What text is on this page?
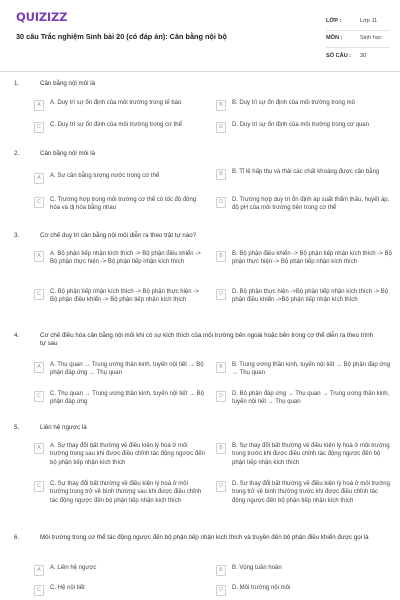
QUIZIZZ
30 câu Trắc nghiệm Sinh bài 20 (có đáp án): Cân bằng nội bộ
LỚP :	Lớp 11
MÔN :	Sinh học
SỐ CÂU :	30
1.	Cân bằng nội môi là
A	A. Duy trì sự ổn định của môi trường trong tế bào	B	B. Duy trì sự ổn định của môi trường trong mô
C	C. Duy trì sự ổn định của môi trường trong cơ thể	D	D. Duy trì sự ổn định của môi trường trong cơ quan
2.	Cân bằng nội môi là
A	A. Sự cân bằng lượng nước trong cơ thể	B	B. Tỉ lệ hấp thụ và thải các chất khoáng được cân bằng
C	C. Trường hợp trong môi trường cơ thể có tốc độ đông hóa và dị hóa bằng nhau
D	D. Trường hợp duy trì ổn định áp suất thẩm thấu, huyết áp, độ pH của môi trường bên trong cơ thể
3.	Cơ chế duy trì cân bằng nội môi diễn ra theo trật tự nào?
A	A. Bộ phận tiếp nhận kích thích -> Bộ phận điều khiển -> Bộ phận thực hiện -> Bộ phận tiếp nhận kích thích
B	B. Bộ phận điều khiển -> Bộ phận tiếp nhận kích thích -> Bộ phận thực hiện -> Bộ phận tiếp nhận kích thích
C	C. Bộ phận tiếp nhận kích thích -> Bộ phận thực hiện -> Bộ phận điều khiển -> Bộ phận tiếp nhận kích thích
D	D. Bộ phận thực hiện ->Bộ phận tiếp nhận kích thích -> Bộ phận điều khiển ->Bộ phận tiếp nhận kích thích
4.	Cơ chế điều hòa cân bằng nội môi khi có sự kích thích của môi trường bên ngoài hoặc bên trong cơ thể diễn ra theo trình tự sau
A	A. Thụ quan → Trung ương thần kinh, tuyến nội tiết → Bộ phận đáp ứng → Thụ quan
B	B. Trung ương thần kinh, tuyến nội tiết → Bộ phận đáp ứng → Thụ quan
C	C. Thụ quan → Trung ương thần kinh, tuyến nội tiết → Bộ phận đáp ứng
D	D. Bộ phận đáp ứng → Thụ quan → Trung ương thần kinh, tuyến nội tiết → Thụ quan
5.	Liên hệ ngược là
A	A. Sự thay đổi bất thường về điều kiện lý hoá ở môi trường trong sau khi được điều chỉnh tác động ngược đến bộ phận tiếp nhận kích thích
B	B. Sự thay đổi bất thường về điều kiện lý hoá ở môi trường trong trước khi được điều chỉnh tác động ngược đến bộ phận tiếp nhận kích thích
C	C. Sự thay đổi bất thường về điều kiện lý hoá ở môi trường trong trở về bình thường sau khi được điều chỉnh tác động ngược đến bộ phận tiếp nhận kích thích
D	D. Sự thay đổi bất thường về điều kiện lý hoá ở môi trường trong trở về bình thường trước khi được điều chỉnh tác động ngược đến bộ phận tiếp nhận kích thích
6.	Môi trường trong cơ thể tác động ngược đến bộ phận tiếp nhận kích thích và truyền đến bộ phận điều khiển được gọi là
A	A. Liên hệ ngược	B	B. Vòng tuần hoàn
C	C. Hệ nội tiết	D	D. Môi trường nội môi
